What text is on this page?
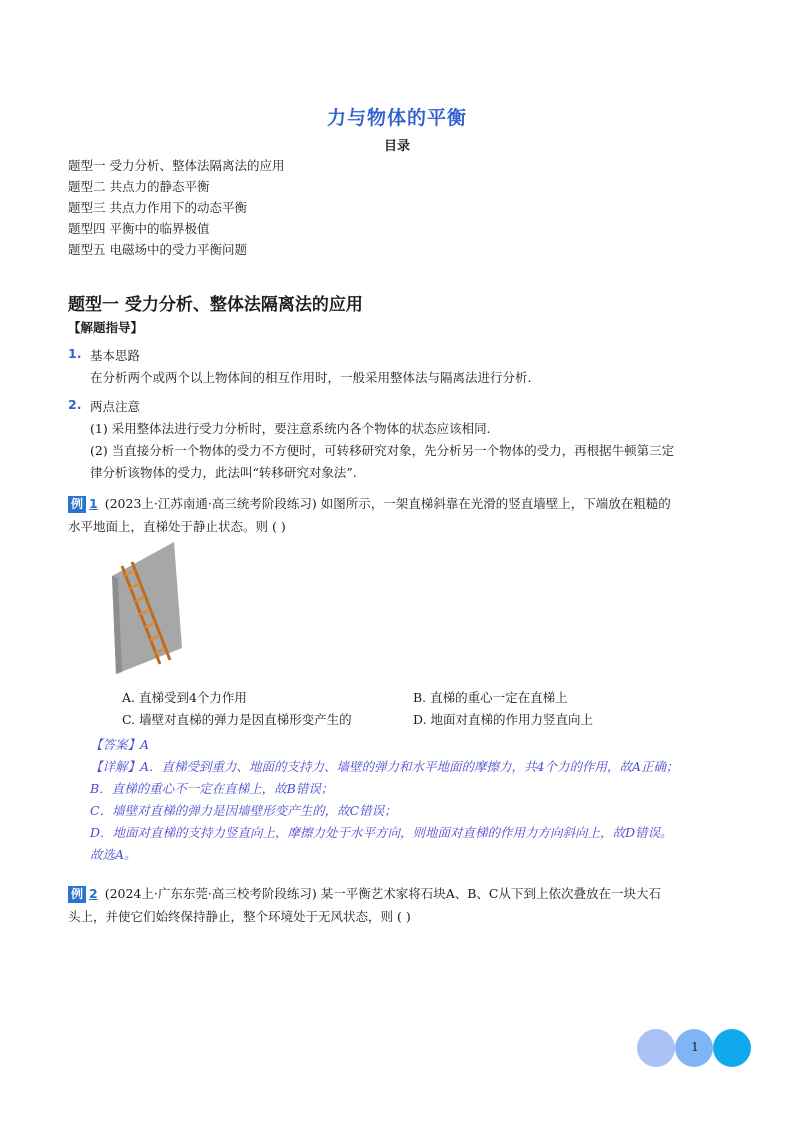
力与物体的平衡
目录
题型一 受力分析、整体法隔离法的应用
题型二 共点力的静态平衡
题型三 共点力作用下的动态平衡
题型四 平衡中的临界极值
题型五 电磁场中的受力平衡问题
题型一 受力分析、整体法隔离法的应用
【解题指导】
1. 基本思路
在分析两个或两个以上物体间的相互作用时，一般采用整体法与隔离法进行分析.
2. 两点注意
(1) 采用整体法进行受力分析时，要注意系统内各个物体的状态应该相同.
(2) 当直接分析一个物体的受力不方便时，可转移研究对象，先分析另一个物体的受力，再根据牛顿第三定
律分析该物体的受力，此法叫“转移研究对象法”.
例 1 (2023上·江苏南通·高三统考阶段练习) 如图所示，一架直梯斜靠在光滑的竖直墙壁上，下端放在粗糙的
水平地面上，直梯处于静止状态。则 ( )
A. 直梯受到4个力作用	B. 直梯的重心一定在直梯上
C. 墙壁对直梯的弹力是因直梯形变产生的	D. 地面对直梯的作用力竖直向上
【答案】A
【详解】A．直梯受到重力、地面的支持力、墙壁的弹力和水平地面的摩擦力，共4个力的作用，故A正确；
B．直梯的重心不一定在直梯上，故B错误；
C．墙壁对直梯的弹力是因墙壁形变产生的，故C错误；
D．地面对直梯的支持力竖直向上，摩擦力处于水平方向，则地面对直梯的作用力方向斜向上，故D错误。
故选A。
例 2 (2024上·广东东莞·高三校考阶段练习) 某一平衡艺术家将石块A、B、C从下到上依次叠放在一块大石
头上，并使它们始终保持静止，整个环境处于无风状态，则 ( )
1
